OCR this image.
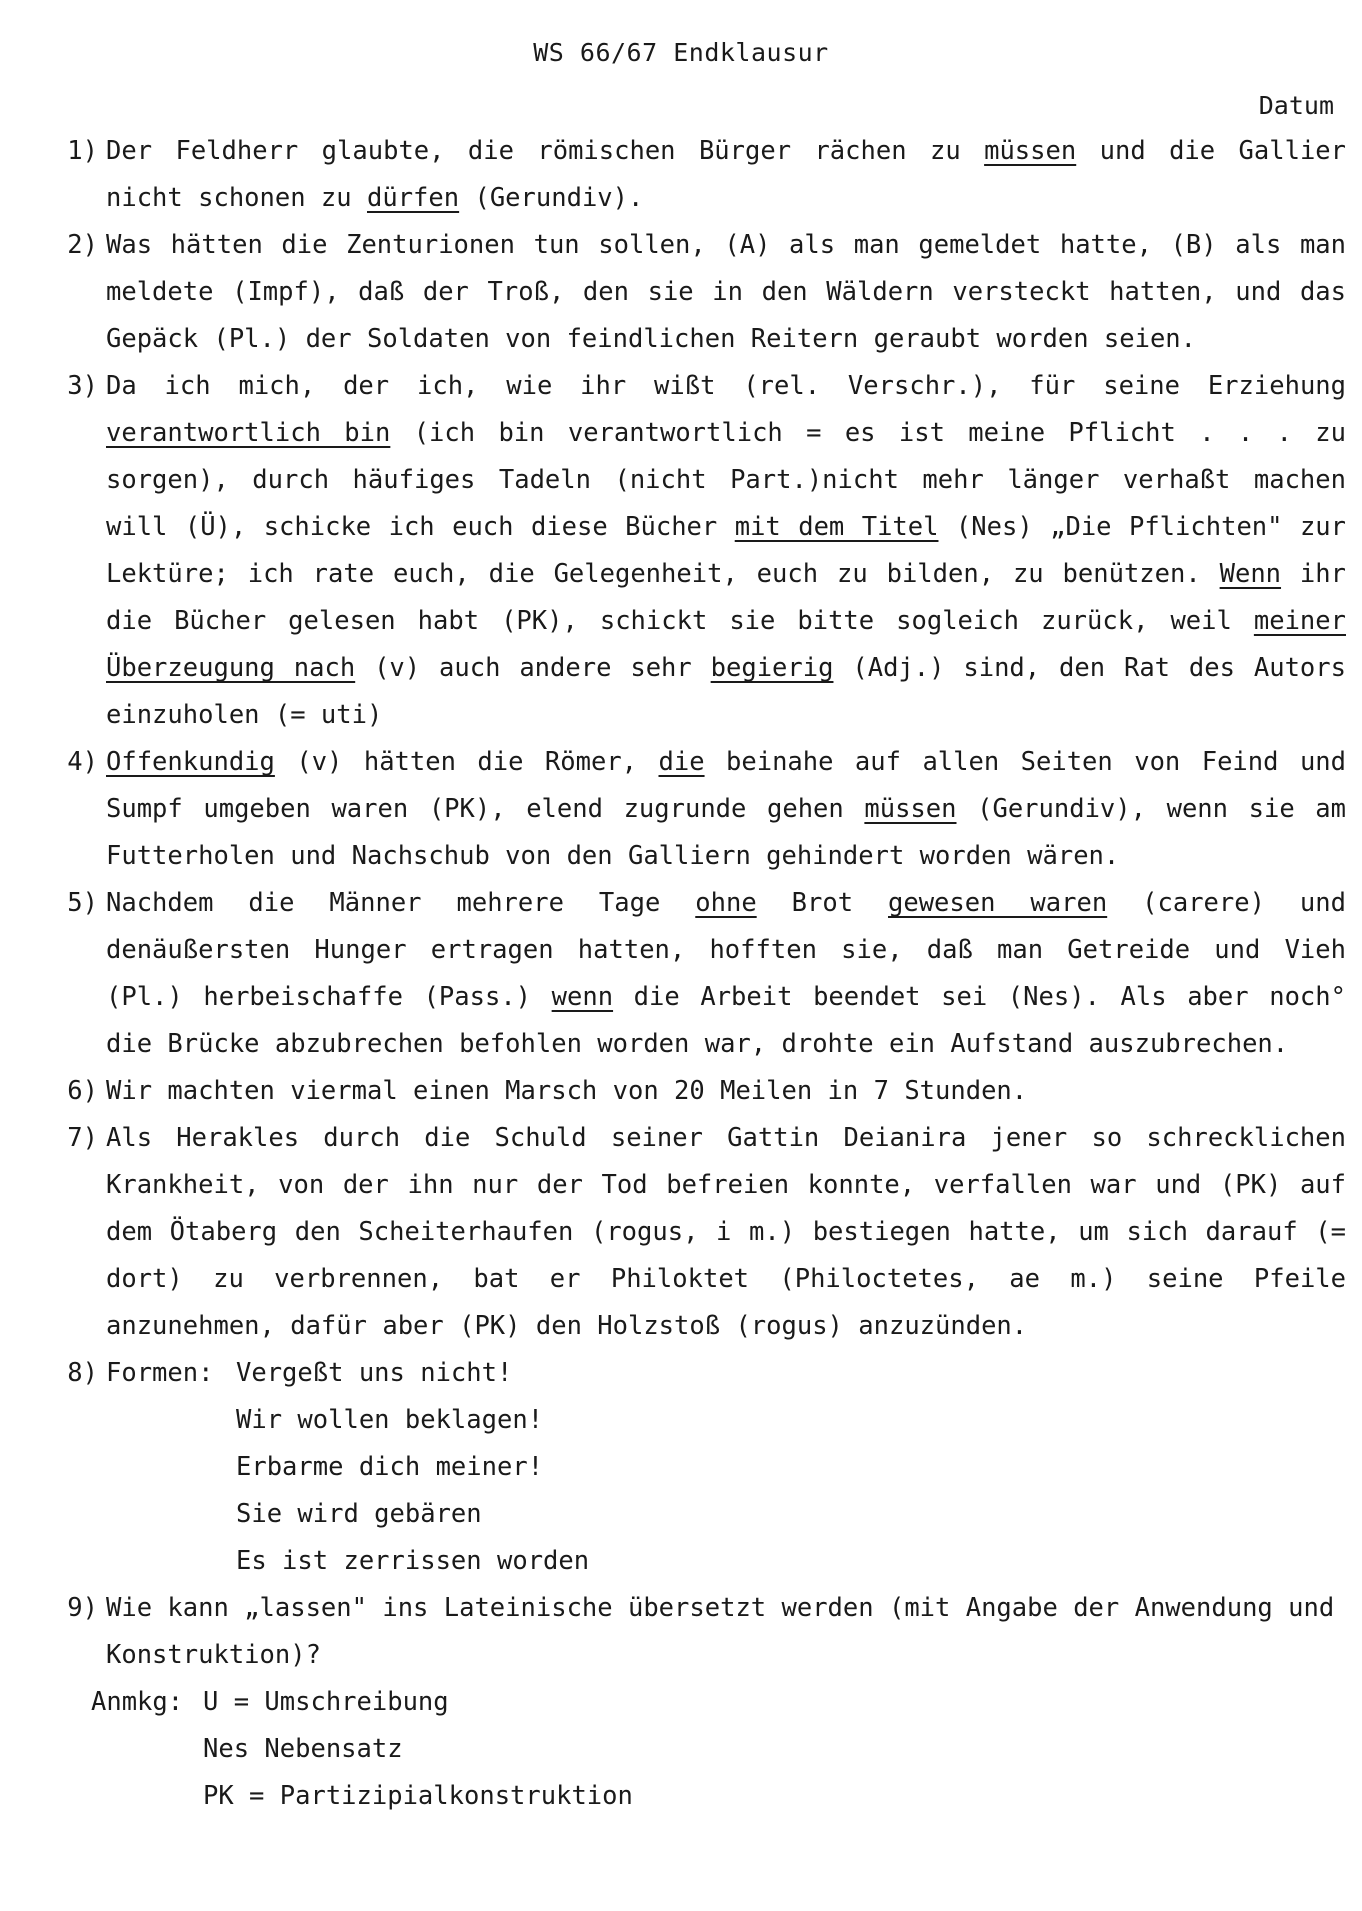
WS 66/67 Endklausur
Datum
1) Der Feldherr glaubte, die römischen Bürger rächen zu müssen und die Gallier nicht schonen zu dürfen (Gerundiv).
2) Was hätten die Zenturionen tun sollen, (A) als man gemeldet hatte, (B) als man meldete (Impf), daß der Troß, den sie in den Wäldern versteckt hatten, und das Gepäck (Pl.) der Soldaten von feindlichen Reitern geraubt worden seien.
3) Da ich mich, der ich, wie ihr wißt (rel. Verschr.), für seine Erziehung verantwortlich bin (ich bin verantwortlich = es ist meine Pflicht . . . zu sorgen), durch häufiges Tadeln (nicht Part.)nicht mehr länger verhaßt machen will (Ü), schicke ich euch diese Bücher mit dem Titel (Nes) „Die Pflichten" zur Lektüre; ich rate euch, die Gelegenheit, euch zu bilden, zu benützen. Wenn ihr die Bücher gelesen habt (PK), schickt sie bitte sogleich zurück, weil meiner Überzeugung nach (v) auch andere sehr begierig (Adj.) sind, den Rat des Autors einzuholen (= uti)
4) Offenkundig (v) hätten die Römer, die beinahe auf allen Seiten von Feind und Sumpf umgeben waren (PK), elend zugrunde gehen müssen (Gerundiv), wenn sie am Futterholen und Nachschub von den Galliern gehindert worden wären.
5) Nachdem die Männer mehrere Tage ohne Brot gewesen waren (carere) und denäußersten Hunger ertragen hatten, hofften sie, daß man Getreide und Vieh (Pl.) herbeischaffe (Pass.) wenn die Arbeit beendet sei (Nes). Als aber noch° die Brücke abzubrechen befohlen worden war, drohte ein Aufstand auszubrechen.
6) Wir machten viermal einen Marsch von 20 Meilen in 7 Stunden.
7) Als Herakles durch die Schuld seiner Gattin Deianira jener so schrecklichen Krankheit, von der ihn nur der Tod befreien konnte, verfallen war und (PK) auf dem Ötaberg den Scheiterhaufen (rogus, i m.) bestiegen hatte, um sich darauf (= dort) zu verbrennen, bat er Philoktet (Philoctetes, ae m.) seine Pfeile anzunehmen, dafür aber (PK) den Holzstoß (rogus) anzuzünden.
8) Formen: Vergeßt uns nicht!
Wir wollen beklagen!
Erbarme dich meiner!
Sie wird gebären
Es ist zerrissen worden
9) Wie kann „lassen" ins Lateinische übersetzt werden (mit Angabe der Anwendung und Konstruktion)?
Anmkg: U = Umschreibung
Nes Nebensatz
PK = Partizipialkonstruktion
